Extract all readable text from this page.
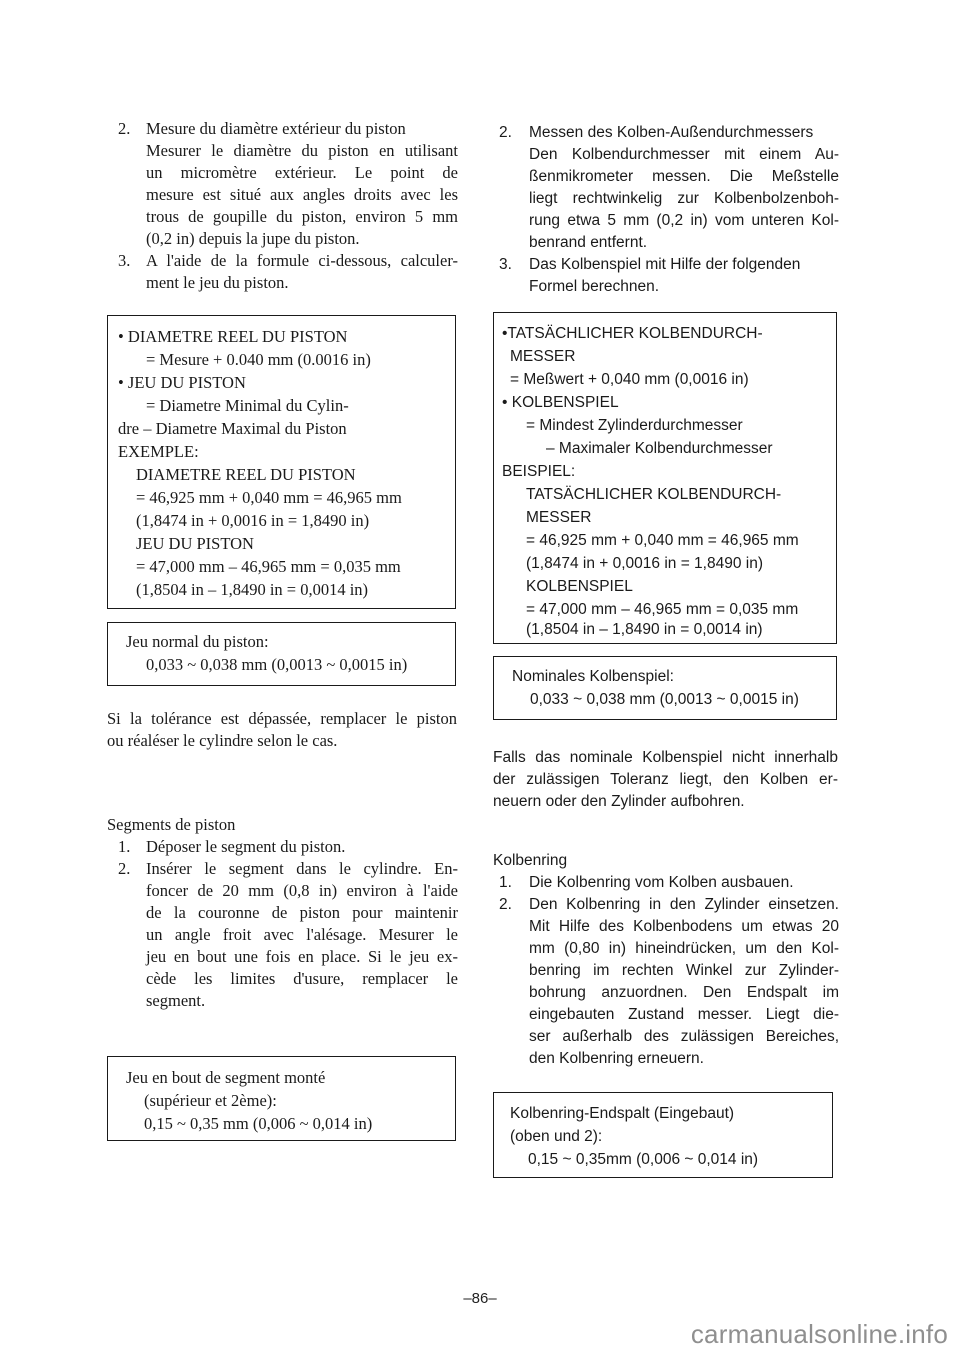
2. Mesure du diamètre extérieur du piston
Mesurer le diamètre du piston en utilisant
un micromètre extérieur. Le point de
mesure est situé aux angles droits avec les
trous de goupille du piston, environ 5 mm
(0,2 in) depuis la jupe du piston.
3. A l'aide de la formule ci-dessous, calculer-
ment le jeu du piston.
• DIAMETRE REEL DU PISTON
= Mesure + 0.040 mm (0.0016 in)
• JEU DU PISTON
= Diametre Minimal du Cylin-
dre – Diametre Maximal du Piston
EXEMPLE:
DIAMETRE REEL DU PISTON
= 46,925 mm + 0,040 mm = 46,965 mm
(1,8474 in + 0,0016 in = 1,8490 in)
JEU DU PISTON
= 47,000 mm – 46,965 mm = 0,035 mm
(1,8504 in – 1,8490 in = 0,0014 in)
Jeu normal du piston:
0,033 ~ 0,038 mm (0,0013 ~ 0,0015 in)
Si la tolérance est dépassée, remplacer le piston
ou réaléser le cylindre selon le cas.
Segments de piston
1. Déposer le segment du piston.
2. Insérer le segment dans le cylindre. En-
foncer de 20 mm (0,8 in) environ à l'aide
de la couronne de piston pour maintenir
un angle froit avec l'alésage. Mesurer le
jeu en bout une fois en place. Si le jeu ex-
cède les limites d'usure, remplacer le
segment.
Jeu en bout de segment monté
(supérieur et 2ème):
0,15 ~ 0,35 mm (0,006 ~ 0,014 in)
2. Messen des Kolben-Außendurchmessers
Den Kolbendurchmesser mit einem Au-
ßenmikrometer messen. Die Meßstelle
liegt rechtwinkelig zur Kolbenbolzenboh-
rung etwa 5 mm (0,2 in) vom unteren Kol-
benrand entfernt.
3. Das Kolbenspiel mit Hilfe der folgenden
Formel berechnen.
•TATSÄCHLICHER KOLBENDURCH-
MESSER
= Meßwert + 0,040 mm (0,0016 in)
• KOLBENSPIEL
= Mindest Zylinderdurchmesser
– Maximaler Kolbendurchmesser
BEISPIEL:
TATSÄCHLICHER KOLBENDURCH-
MESSER
= 46,925 mm + 0,040 mm = 46,965 mm
(1,8474 in + 0,0016 in = 1,8490 in)
KOLBENSPIEL
= 47,000 mm – 46,965 mm = 0,035 mm
(1,8504 in – 1,8490 in = 0,0014 in)
Nominales Kolbenspiel:
0,033 ~ 0,038 mm (0,0013 ~ 0,0015 in)
Falls das nominale Kolbenspiel nicht innerhalb
der zulässigen Toleranz liegt, den Kolben er-
neuern oder den Zylinder aufbohren.
Kolbenring
1. Die Kolbenring vom Kolben ausbauen.
2. Den Kolbenring in den Zylinder einsetzen.
Mit Hilfe des Kolbenbodens um etwas 20
mm (0,80 in) hineindrücken, um den Kol-
benring im rechten Winkel zur Zylinder-
bohrung anzuordnen. Den Endspalt im
eingebauten Zustand messer. Liegt die-
ser außerhalb des zulässigen Bereiches,
den Kolbenring erneuern.
Kolbenring-Endspalt (Eingebaut)
(oben und 2):
0,15 ~ 0,35mm (0,006 ~ 0,014 in)
–86–
carmanualsonline.info
